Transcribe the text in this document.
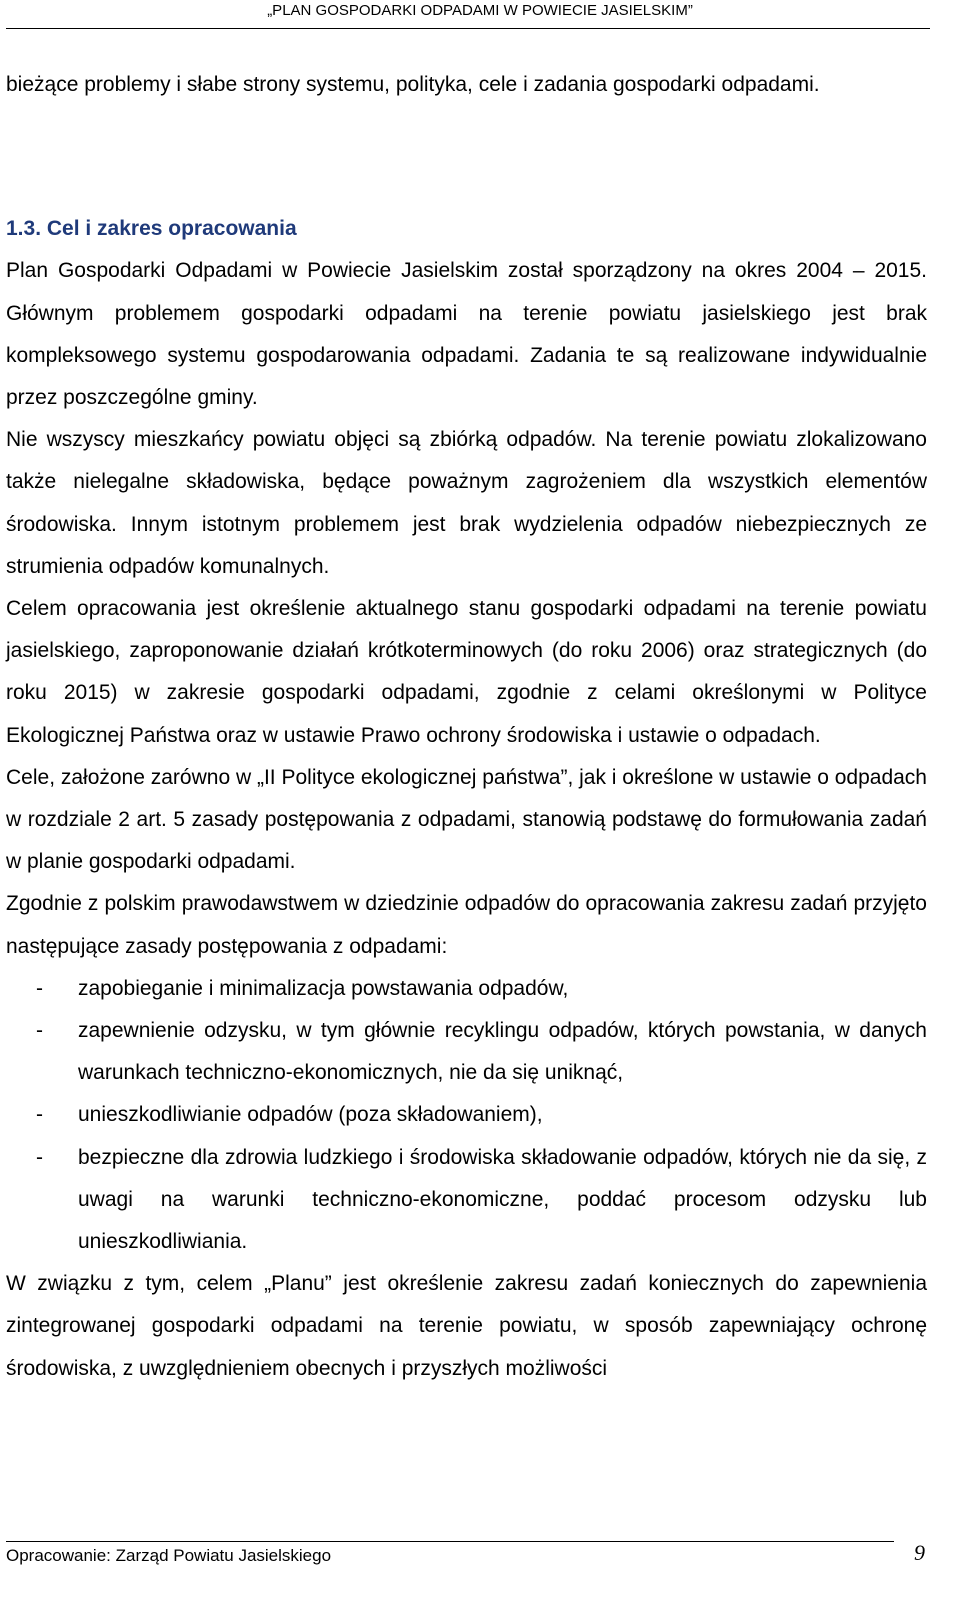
„PLAN GOSPODARKI ODPADAMI W POWIECIE JASIELSKIM”

bieżące problemy i słabe strony systemu, polityka, cele i zadania gospodarki odpadami.

1.3. Cel i zakres opracowania

Plan Gospodarki Odpadami w Powiecie Jasielskim został sporządzony na okres 2004 – 2015. Głównym problemem gospodarki odpadami na terenie powiatu jasielskiego jest brak kompleksowego systemu gospodarowania odpadami. Zadania te są realizowane indywidualnie przez poszczególne gminy.

Nie wszyscy mieszkańcy powiatu objęci są zbiórką odpadów. Na terenie powiatu zlokalizowano także nielegalne składowiska, będące poważnym zagrożeniem dla wszystkich elementów środowiska. Innym istotnym problemem jest brak wydzielenia odpadów niebezpiecznych ze strumienia odpadów komunalnych.

Celem opracowania jest określenie aktualnego stanu gospodarki odpadami na terenie powiatu jasielskiego, zaproponowanie działań krótkoterminowych (do roku 2006) oraz strategicznych (do roku 2015) w zakresie gospodarki odpadami, zgodnie z celami określonymi w Polityce Ekologicznej Państwa oraz w ustawie Prawo ochrony środowiska i ustawie o odpadach.

Cele, założone zarówno w „II Polityce ekologicznej państwa”, jak i określone w ustawie o odpadach w rozdziale 2 art. 5 zasady postępowania z odpadami, stanowią podstawę do formułowania zadań w planie gospodarki odpadami.

Zgodnie z polskim prawodawstwem w dziedzinie odpadów do opracowania zakresu zadań przyjęto następujące zasady postępowania z odpadami:

- zapobieganie i minimalizacja powstawania odpadów,
- zapewnienie odzysku, w tym głównie recyklingu odpadów, których powstania, w danych warunkach techniczno-ekonomicznych, nie da się uniknąć,
- unieszkodliwianie odpadów (poza składowaniem),
- bezpieczne dla zdrowia ludzkiego i środowiska składowanie odpadów, których nie da się, z uwagi na warunki techniczno-ekonomiczne, poddać procesom odzysku lub unieszkodliwiania.

W związku z tym, celem „Planu” jest określenie zakresu zadań koniecznych do zapewnienia zintegrowanej gospodarki odpadami na terenie powiatu, w sposób zapewniający ochronę środowiska, z uwzględnieniem obecnych i przyszłych możliwości

Opracowanie: Zarząd Powiatu Jasielskiego	9
